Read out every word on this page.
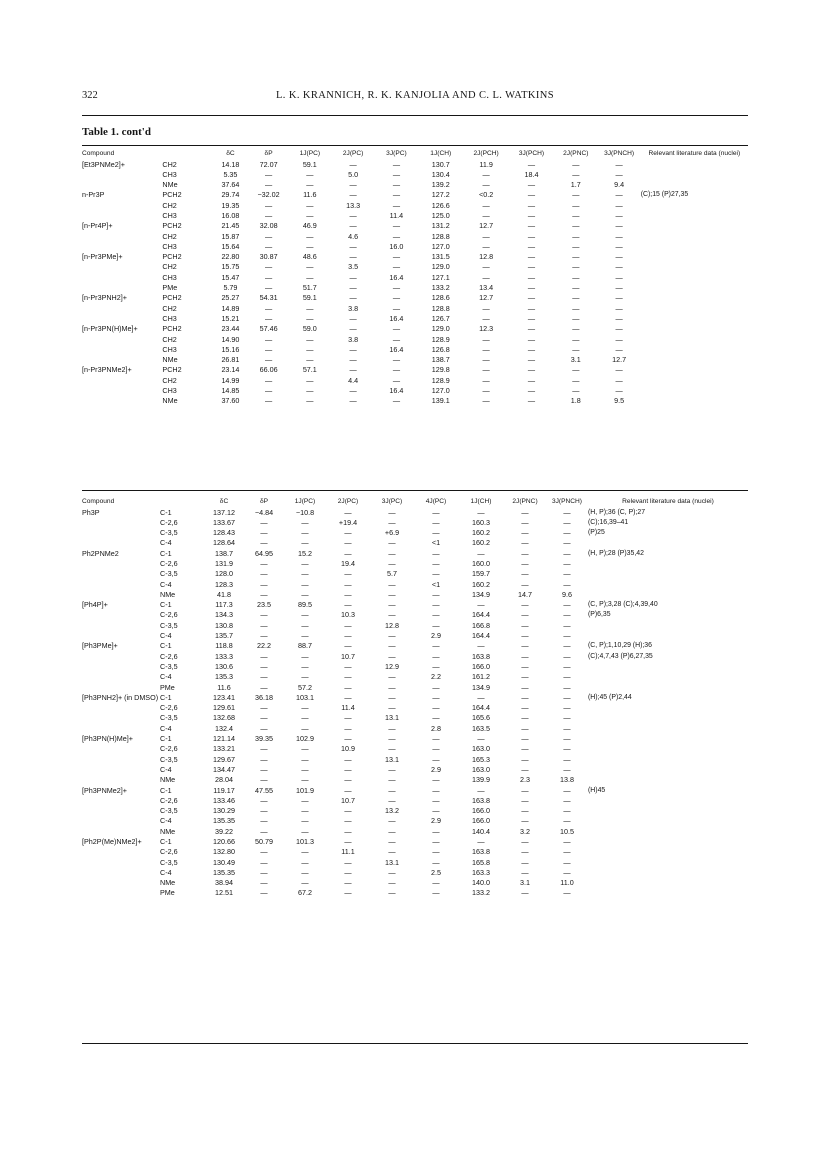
322	L. K. KRANNICH, R. K. KANJOLIA AND C. L. WATKINS
Table 1. cont'd
Compound		δC	δP	1J(PC)	2J(PC)	3J(PC)	1J(CH)	2J(PCH)	3J(PCH)	2J(PNC)	3J(PNCH)	Relevant literature data (nuclei)
[Et3PNMe2]+	CH2	14.18	72.07	59.1	—	—	130.7	11.9	—	—	—	
	CH3	5.35	—	—	5.0	—	130.4	—	18.4	—	—	
	NMe	37.64	—	—	—	—	139.2	—	—	1.7	9.4	
n-Pr3P	PCH2	29.74	−32.02	11.6	—	—	127.2	<0.2	—	—	—	(C);15 (P)27,35
	CH2	19.35	—	—	13.3	—	126.6	—	—	—	—	
	CH3	16.08	—	—	—	11.4	125.0	—	—	—	—	
[n-Pr4P]+	PCH2	21.45	32.08	46.9	—	—	131.2	12.7	—	—	—	
	CH2	15.87	—	—	4.6	—	128.8	—	—	—	—	
	CH3	15.64	—	—	—	16.0	127.0	—	—	—	—	
[n-Pr3PMe]+	PCH2	22.80	30.87	48.6	—	—	131.5	12.8	—	—	—	
	CH2	15.75	—	—	3.5	—	129.0	—	—	—	—	
	CH3	15.47	—	—	—	16.4	127.1	—	—	—	—	
	PMe	5.79	—	51.7	—	—	133.2	13.4	—	—	—	
[n-Pr3PNH2]+	PCH2	25.27	54.31	59.1	—	—	128.6	12.7	—	—	—	
	CH2	14.89	—	—	3.8	—	128.8	—	—	—	—	
	CH3	15.21	—	—	—	16.4	126.7	—	—	—	—	
[n-Pr3PN(H)Me]+	PCH2	23.44	57.46	59.0	—	—	129.0	12.3	—	—	—	
	CH2	14.90	—	—	3.8	—	128.9	—	—	—	—	
	CH3	15.16	—	—	—	16.4	126.8	—	—	—	—	
	NMe	26.81	—	—	—	—	138.7	—	—	3.1	12.7	
[n-Pr3PNMe2]+	PCH2	23.14	66.06	57.1	—	—	129.8	—	—	—	—	
	CH2	14.99	—	—	4.4	—	128.9	—	—	—	—	
	CH3	14.85	—	—	—	16.4	127.0	—	—	—	—	
	NMe	37.60	—	—	—	—	139.1	—	—	1.8	9.5	
Compound		δC	δP	1J(PC)	2J(PC)	3J(PC)	4J(PC)	1J(CH)	2J(PNC)	3J(PNCH)	Relevant literature data (nuclei)
Ph3P	C-1	137.12	−4.84	−10.8	—	—	—	—	—	—	(H, P);36 (C, P);27
	C-2,6	133.67	—	—	+19.4	—	—	160.3	—	—	(C);16,39–41
	C-3,5	128.43	—	—	—	+6.9	—	160.2	—	—	(P)25
	C-4	128.64	—	—	—	—	<1	160.2	—	—	
Ph2PNMe2	C-1	138.7	64.95	15.2	—	—	—	—	—	—	(H, P);28 (P)35,42
	C-2,6	131.9	—	—	19.4	—	—	160.0	—	—	
	C-3,5	128.0	—	—	—	5.7	—	159.7	—	—	
	C-4	128.3	—	—	—	—	<1	160.2	—	—	
	NMe	41.8	—	—	—	—	—	134.9	14.7	9.6	
[Ph4P]+	C-1	117.3	23.5	89.5	—	—	—	—	—	—	(C, P);3,28 (C);4,39,40
	C-2,6	134.3	—	—	10.3	—	—	164.4	—	—	(P)6,35
	C-3,5	130.8	—	—	—	12.8	—	166.8	—	—	
	C-4	135.7	—	—	—	—	2.9	164.4	—	—	
[Ph3PMe]+	C-1	118.8	22.2	88.7	—	—	—	—	—	—	(C, P);1,10,29 (H);36
	C-2,6	133.3	—	—	10.7	—	—	163.8	—	—	(C);4,7,43 (P)6,27,35
	C-3,5	130.6	—	—	—	12.9	—	166.0	—	—	
	C-4	135.3	—	—	—	—	2.2	161.2	—	—	
	PMe	11.6	—	57.2	—	—	—	134.9	—	—	
[Ph3PNH2]+ (in DMSO)	C-1	123.41	36.18	103.1	—	—	—	—	—	—	(H);45 (P)2,44
	C-2,6	129.61	—	—	11.4	—	—	164.4	—	—	
	C-3,5	132.68	—	—	—	13.1	—	165.6	—	—	
	C-4	132.4	—	—	—	—	2.8	163.5	—	—	
[Ph3PN(H)Me]+	C-1	121.14	39.35	102.9	—	—	—	—	—	—	
	C-2,6	133.21	—	—	10.9	—	—	163.0	—	—	
	C-3,5	129.67	—	—	—	13.1	—	165.3	—	—	
	C-4	134.47	—	—	—	—	2.9	163.0	—	—	
	NMe	28.04	—	—	—	—	—	139.9	2.3	13.8	
[Ph3PNMe2]+	C-1	119.17	47.55	101.9	—	—	—	—	—	—	(H)45
	C-2,6	133.46	—	—	10.7	—	—	163.8	—	—	
	C-3,5	130.29	—	—	—	13.2	—	166.0	—	—	
	C-4	135.35	—	—	—	—	2.9	166.0	—	—	
	NMe	39.22	—	—	—	—	—	140.4	3.2	10.5	
[Ph2P(Me)NMe2]+	C-1	120.66	50.79	101.3	—	—	—	—	—	—	
	C-2,6	132.80	—	—	11.1	—	—	163.8	—	—	
	C-3,5	130.49	—	—	—	13.1	—	165.8	—	—	
	C-4	135.35	—	—	—	—	2.5	163.3	—	—	
	NMe	38.94	—	—	—	—	—	140.0	3.1	11.0	
	PMe	12.51	—	67.2	—	—	—	133.2	—	—	
